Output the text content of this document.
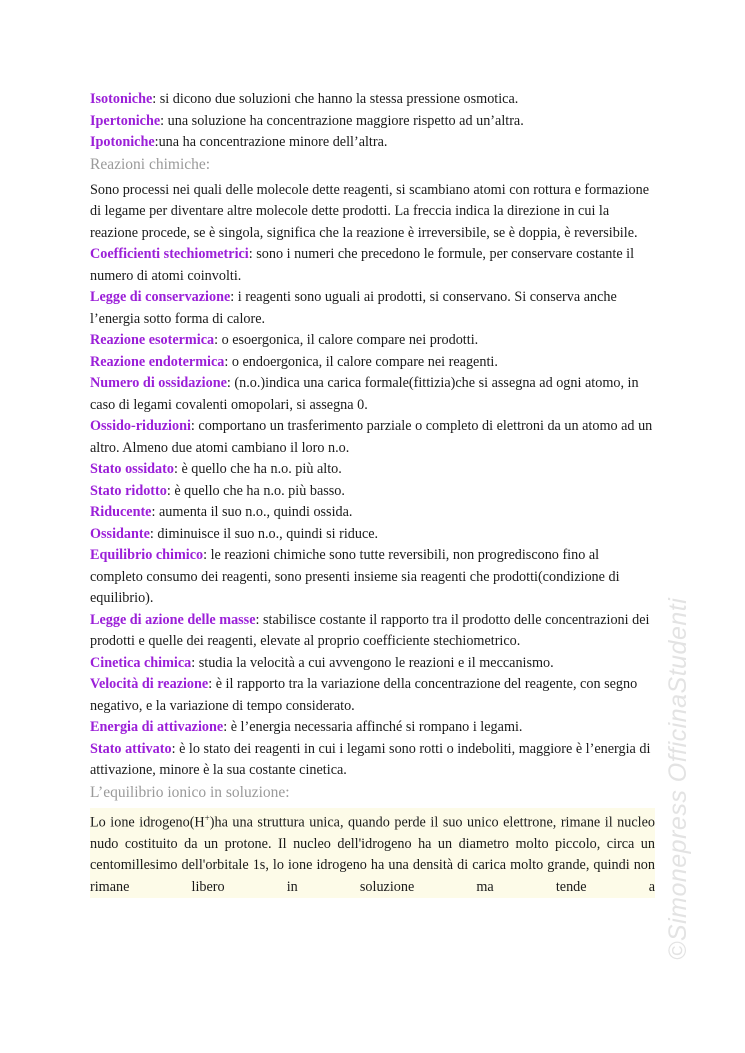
Isotoniche: si dicono due soluzioni che hanno la stessa pressione osmotica.

Ipertoniche: una soluzione ha concentrazione maggiore rispetto ad un’altra.

Ipotoniche:una ha concentrazione minore dell’altra.

Reazioni chimiche:

Sono processi nei quali delle molecole dette reagenti, si scambiano atomi con rottura e formazione di legame per diventare altre molecole dette prodotti. La freccia indica la direzione in cui la reazione procede, se è singola, significa che la reazione è irreversibile, se è doppia, è reversibile.

Coefficienti stechiometrici: sono i numeri che precedono le formule, per conservare costante il numero di atomi coinvolti.

Legge di conservazione: i reagenti sono uguali ai prodotti, si conservano. Si conserva anche l’energia sotto forma di calore.

Reazione esotermica: o esoergonica, il calore compare nei prodotti.

Reazione endotermica: o endoergonica, il calore compare nei reagenti.

Numero di ossidazione: (n.o.)indica una carica formale(fittizia)che si assegna ad ogni atomo, in caso di legami covalenti omopolari, si assegna 0.

Ossido-riduzioni: comportano un trasferimento parziale o completo di elettroni da un atomo ad un altro. Almeno due atomi cambiano il loro n.o.

Stato ossidato: è quello che ha n.o. più alto.

Stato ridotto: è quello che ha n.o. più basso.

Riducente: aumenta il suo n.o., quindi ossida.

Ossidante: diminuisce il suo n.o., quindi si riduce.

Equilibrio chimico: le reazioni chimiche sono tutte reversibili, non progrediscono fino al completo consumo dei reagenti, sono presenti insieme sia reagenti che prodotti(condizione di equilibrio).

Legge di azione delle masse: stabilisce costante il rapporto tra il prodotto delle concentrazioni dei prodotti e quelle dei reagenti, elevate al proprio coefficiente stechiometrico.

Cinetica chimica: studia la velocità a cui avvengono le reazioni e il meccanismo.

Velocità di reazione: è il rapporto tra la variazione della concentrazione del reagente, con segno negativo, e la variazione di tempo considerato.

Energia di attivazione: è l’energia necessaria affinché si rompano i legami.

Stato attivato: è lo stato dei reagenti in cui i legami sono rotti o indeboliti, maggiore è l’energia di attivazione, minore è la sua costante cinetica.

L’equilibrio ionico in soluzione:

Lo ione idrogeno(H+)ha una struttura unica, quando perde il suo unico elettrone, rimane il nucleo nudo costituito da un protone. Il nucleo dell'idrogeno ha un diametro molto piccolo, circa un centomillesimo dell'orbitale 1s, lo ione idrogeno ha una densità di carica molto grande, quindi non rimane libero in soluzione ma tende a ©Simonepress OfficinaStudenti
